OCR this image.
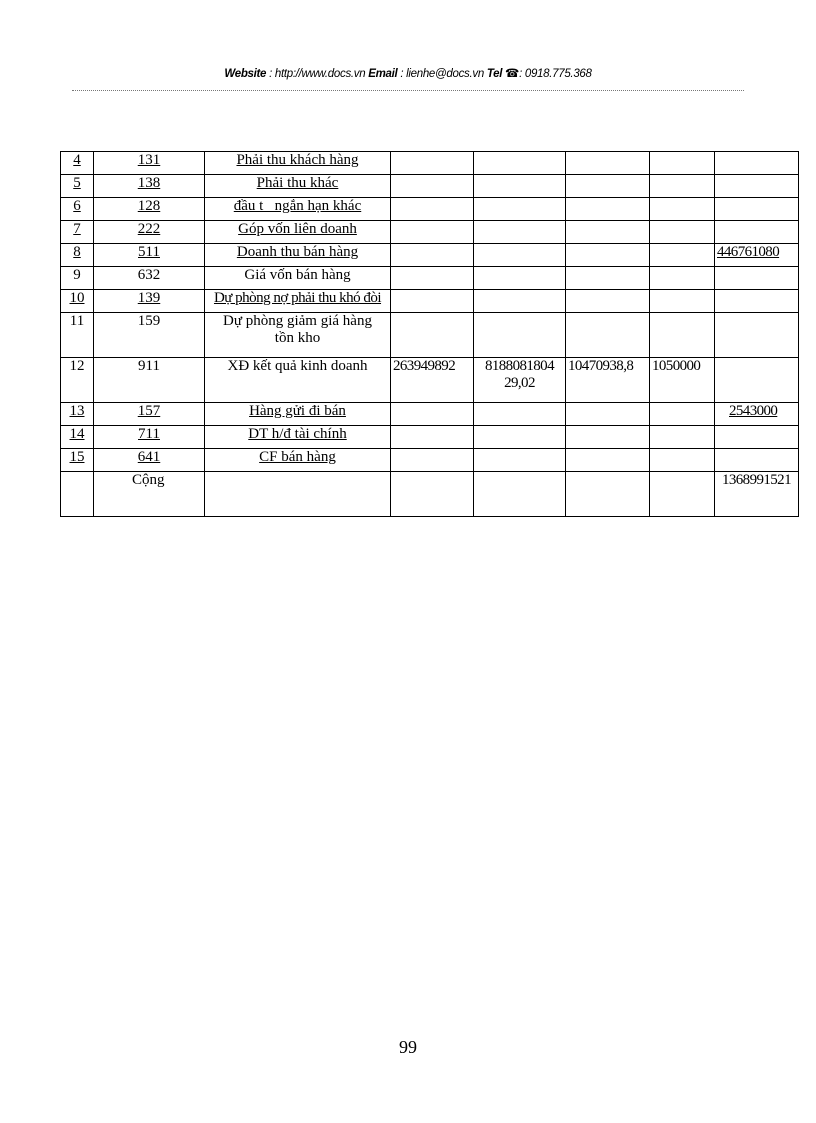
Website : http://www.docs.vn Email : lienhe@docs.vn Tel ☎: 0918.775.368
4	131	Phải thu khách hàng					
5	138	Phải thu khác					
6	128	đầu t   ngắn hạn khác					
7	222	Góp vốn liên doanh					
8	511	Doanh thu bán hàng					446761080
9	632	Giá vốn bán hàng					
10	139	Dự phòng nợ phải thu khó đòi					
11	159	Dự phòng giảm giá hàng tồn kho					
12	911	XĐ kết quả kinh doanh	263949892	818808180429,02	10470938,8	1050000	
13	157	Hàng gửi đi bán					2543000
14	711	DT h/đ tài chính					
15	641	CF bán hàng					
	Cộng						1368991521
99
